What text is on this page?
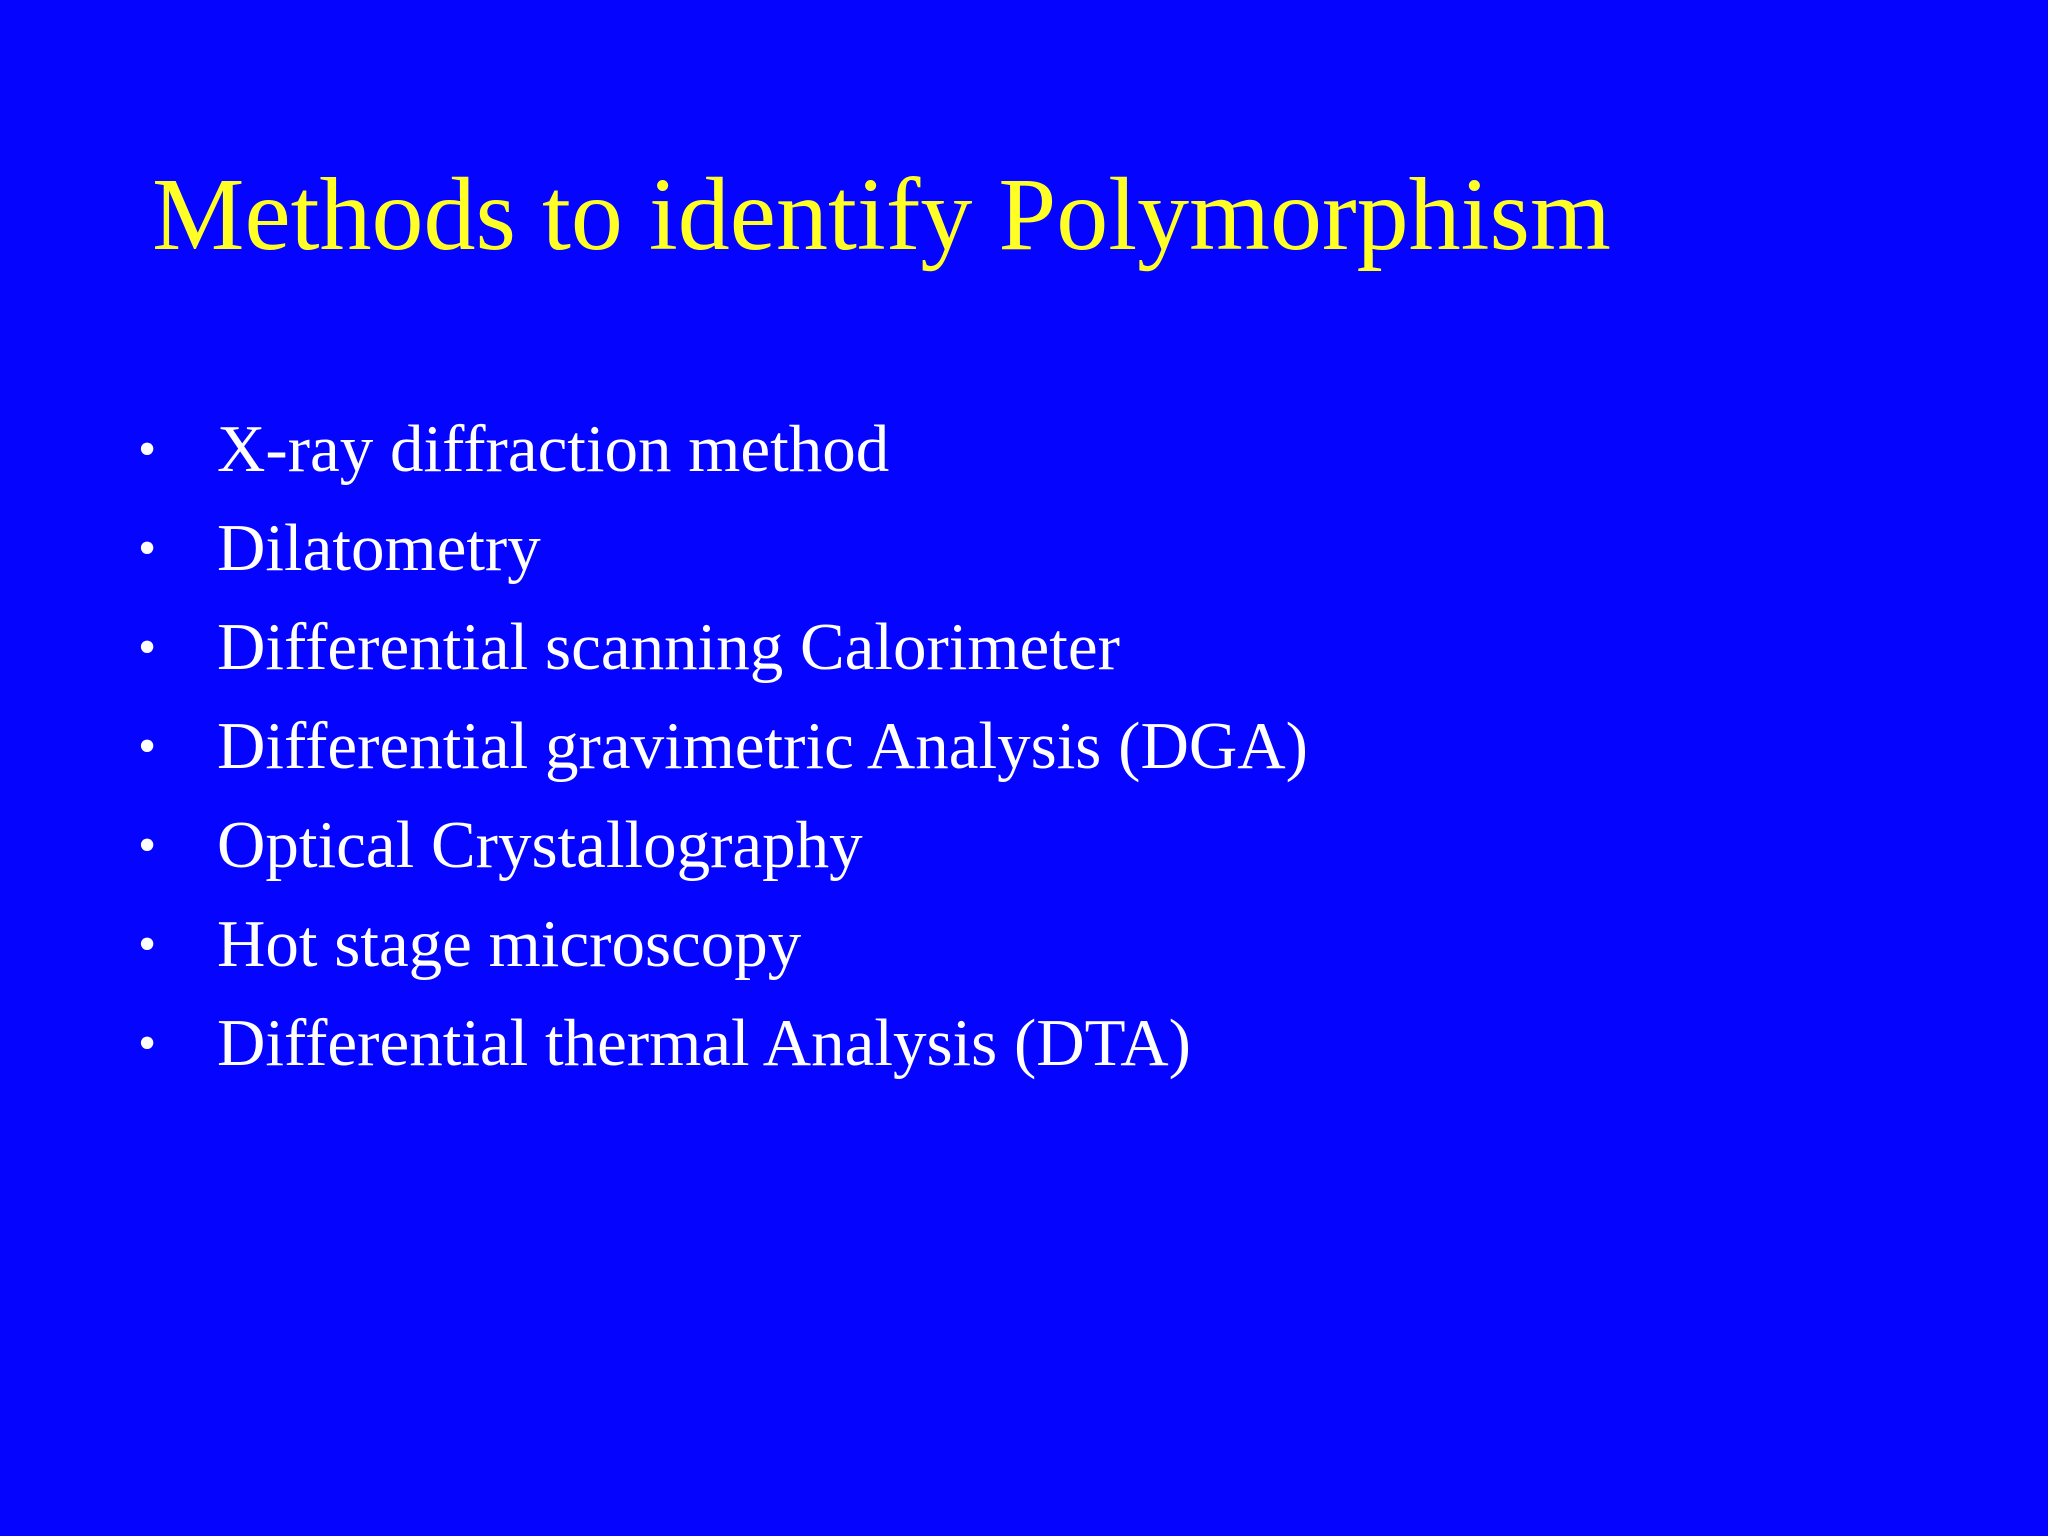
Methods to identify Polymorphism
• X-ray diffraction method
• Dilatometry
• Differential scanning Calorimeter
• Differential gravimetric Analysis (DGA)
• Optical Crystallography
• Hot stage microscopy
• Differential thermal Analysis (DTA)
